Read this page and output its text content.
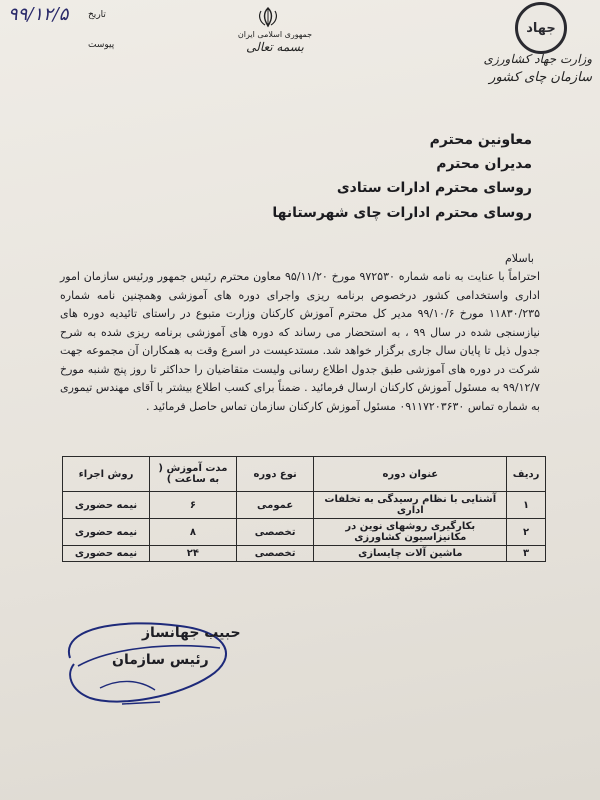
جهاد
وزارت جهاد کشاورزی
سازمان چای کشور
جمهوری اسلامی ایران
بسمه تعالی
تاریخ
۹۹/۱۲/۵
پیوست
معاونین محترم
مدیران محترم
روسای محترم ادارات ستادی
روسای محترم ادارات چای شهرستانها
باسلام

احتراماً با عنایت به نامه شماره ۹۷۲۵۳۰ مورخ ۹۵/۱۱/۲۰ معاون محترم رئیس جمهور ورئیس سازمان امور اداری واستخدامی کشور درخصوص برنامه ریزی واجرای دوره های آموزشی وهمچنین نامه شماره ۱۱۸۳۰/۲۳۵ مورخ ۹۹/۱۰/۶ مدیر کل محترم آموزش کارکنان وزارت متبوع در راستای تائیدیه دوره های نیازسنجی شده در سال ۹۹ ، به استحضار می رساند که دوره های آموزشی برنامه ریزی شده به شرح جدول ذیل تا پایان سال جاری برگزار خواهد شد. مستدعیست در اسرع وقت به همکاران آن مجموعه جهت شرکت در دوره های آموزشی طبق جدول اطلاع رسانی ولیست متقاضیان را حداکثر تا روز پنج شنبه مورخ ۹۹/۱۲/۷ به مسئول آموزش کارکنان ارسال فرمائید . ضمناً برای کسب اطلاع بیشتر با آقای مهندس تیموری به شماره تماس ۰۹۱۱۷۲۰۳۶۳۰ مسئول آموزش کارکنان سازمان تماس حاصل فرمائید .

ردیف	عنوان دوره	نوع دوره	مدت آموزش ( به ساعت )	روش اجراء
۱	آشنایی با نظام رسیدگی به تخلفات اداری	عمومی	۶	نیمه حضوری
۲	بکارگیری روشهای نوین در مکانیزاسیون کشاورزی	تخصصی	۸	نیمه حضوری
۳	ماشین آلات چایسازی	تخصصی	۲۴	نیمه حضوری
حبیب جهانساز
رئیس سازمان
